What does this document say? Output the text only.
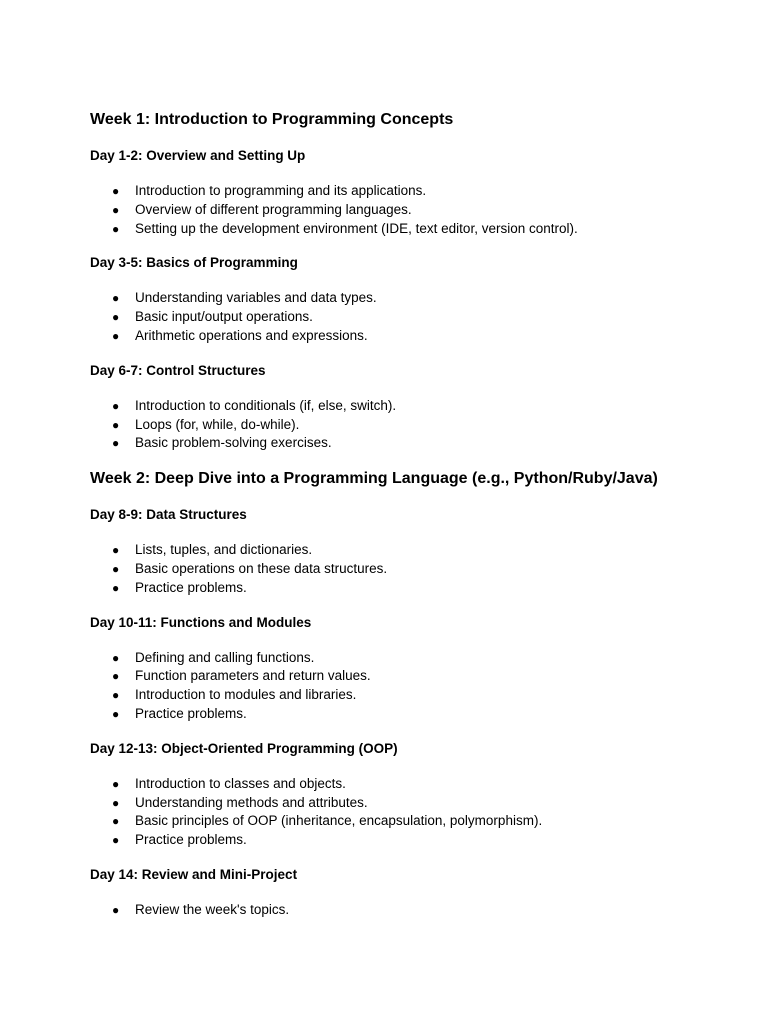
Week 1: Introduction to Programming Concepts
Day 1-2: Overview and Setting Up
● Introduction to programming and its applications.
● Overview of different programming languages.
● Setting up the development environment (IDE, text editor, version control).
Day 3-5: Basics of Programming
● Understanding variables and data types.
● Basic input/output operations.
● Arithmetic operations and expressions.
Day 6-7: Control Structures
● Introduction to conditionals (if, else, switch).
● Loops (for, while, do-while).
● Basic problem-solving exercises.
Week 2: Deep Dive into a Programming Language (e.g., Python/Ruby/Java)
Day 8-9: Data Structures
● Lists, tuples, and dictionaries.
● Basic operations on these data structures.
● Practice problems.
Day 10-11: Functions and Modules
● Defining and calling functions.
● Function parameters and return values.
● Introduction to modules and libraries.
● Practice problems.
Day 12-13: Object-Oriented Programming (OOP)
● Introduction to classes and objects.
● Understanding methods and attributes.
● Basic principles of OOP (inheritance, encapsulation, polymorphism).
● Practice problems.
Day 14: Review and Mini-Project
● Review the week's topics.
